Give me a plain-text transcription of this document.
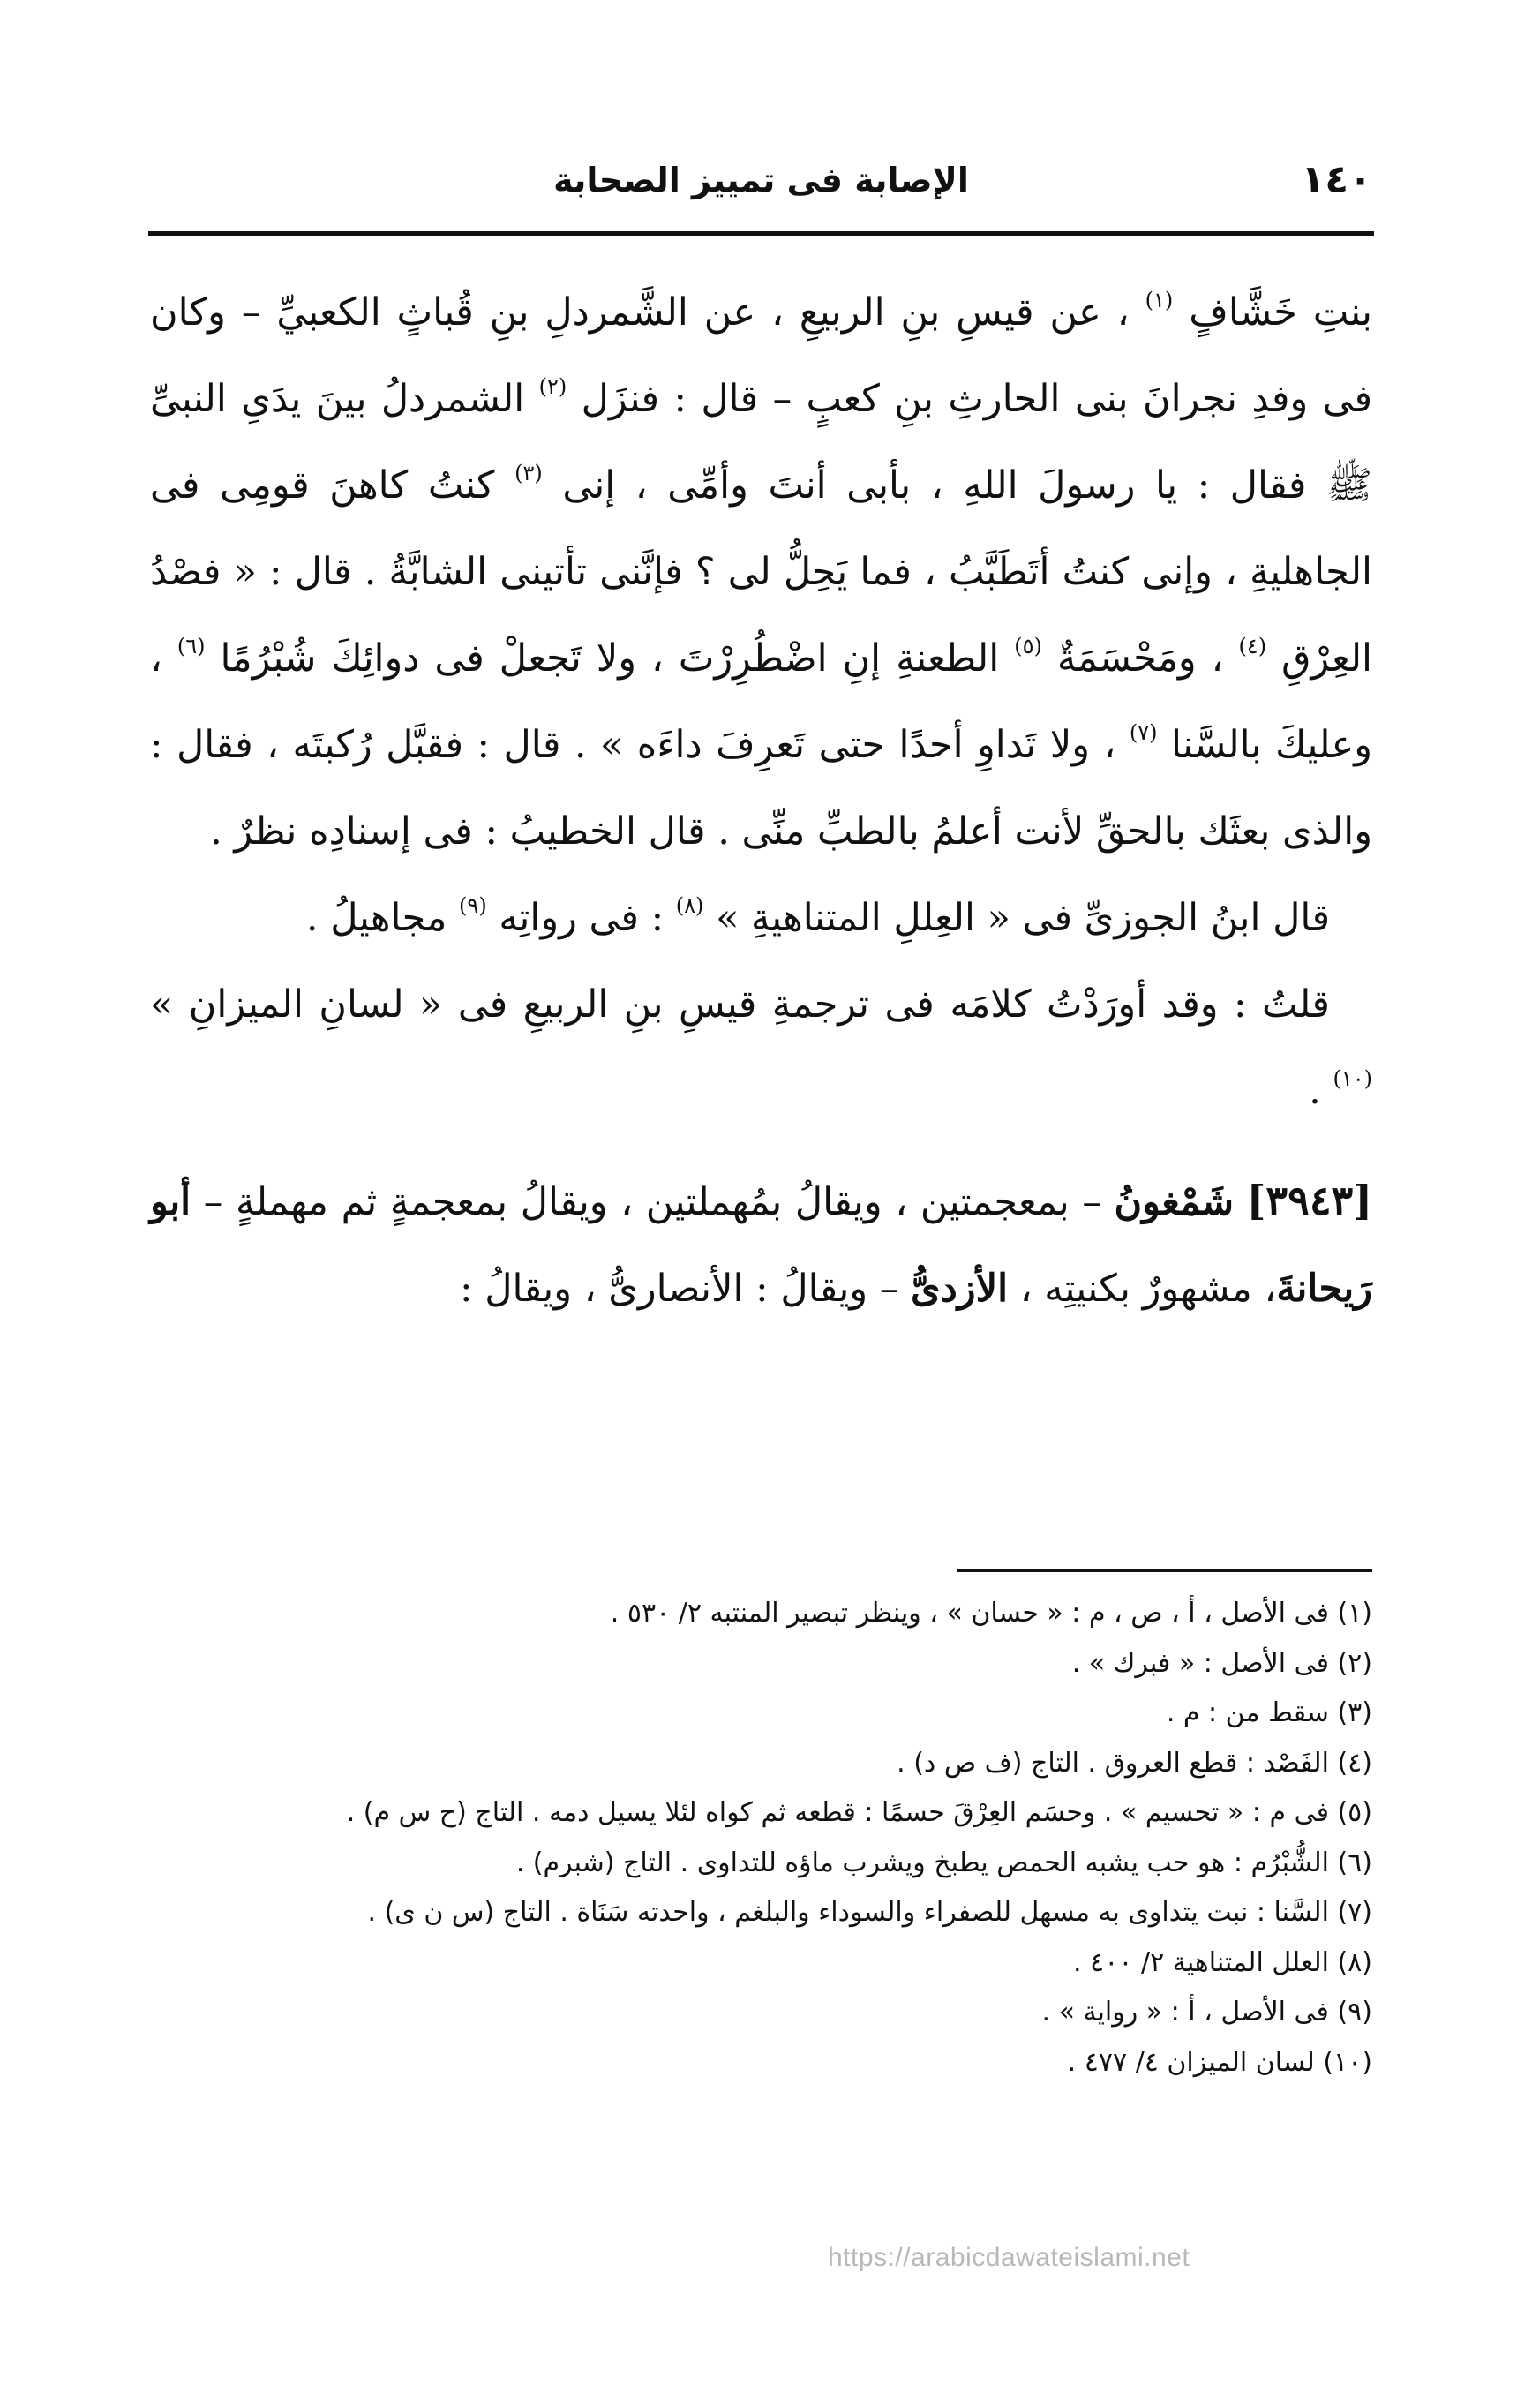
١٤٠
الإصابة فى تمييز الصحابة

بنتِ خَشَّافٍ $^{(١)}$ ، عن قيسِ بنِ الربيعِ ، عن الشَّمردلِ بنِ قُباثٍ الكعبيِّ – وكان فى وفدِ نجرانَ بنى الحارثِ بنِ كعبٍ – قال : فنزَل $^{(٢)}$ الشمردلُ بينَ يدَىِ النبىِّ ﷺ فقال : يا رسولَ اللهِ ، بأبى أنتَ وأمِّى ، إنى $^{(٣)}$ كنتُ كاهنَ قومِى فى الجاهليةِ ، وإنى كنتُ أتَطَبَّبُ ، فما يَحِلُّ لى ؟ فإنَّنى تأتينى الشابَّةُ . قال : « فصْدُ العِرْقِ $^{(٤)}$ ، ومَحْسَمَةٌ $^{(٥)}$ الطعنةِ إنِ اضْطُرِرْتَ ، ولا تَجعلْ فى دوائِكَ شُبْرُمًا $^{(٦)}$ ، وعليكَ بالسَّنا $^{(٧)}$ ، ولا تَداوِ أحدًا حتى تَعرِفَ داءَه » . قال : فقبَّل رُكبتَه ، فقال : والذى بعثَك بالحقِّ لأنت أعلمُ بالطبِّ منِّى . قال الخطيبُ : فى إسنادِه نظرٌ .

قال ابنُ الجوزىِّ فى « العِللِ المتناهيةِ » $^{(٨)}$ : فى رواتِه $^{(٩)}$ مجاهيلُ .

قلتُ : وقد أورَدْتُ كلامَه فى ترجمةِ قيسِ بنِ الربيعِ فى « لسانِ الميزانِ » $^{(١٠)}$ .

[٣٩٤٣] شَمْغونُ – بمعجمتين ، ويقالُ بمُهملتين ، ويقالُ بمعجمةٍ ثم مهملةٍ – أبو رَيحانةَ، مشهورٌ بكنيتِه ، الأزدىُّ – ويقالُ : الأنصارىُّ ، ويقالُ :

(١) فى الأصل ، أ ، ص ، م : « حسان » ، وينظر تبصير المنتبه ٢/ ٥٣٠ .
(٢) فى الأصل : « فبرك » .
(٣) سقط من : م .
(٤) الفَصْد : قطع العروق . التاج (ف ص د) .
(٥) فى م : « تحسيم » . وحسَم العِرْقَ حسمًا : قطعه ثم كواه لئلا يسيل دمه . التاج (ح س م) .
(٦) الشُّبْرُم : هو حب يشبه الحمص يطبخ ويشرب ماؤه للتداوى . التاج (شبرم) .
(٧) السَّنا : نبت يتداوى به مسهل للصفراء والسوداء والبلغم ، واحدته سَنَاة . التاج (س ن ى) .
(٨) العلل المتناهية ٢/ ٤٠٠ .
(٩) فى الأصل ، أ : « رواية » .
(١٠) لسان الميزان ٤/ ٤٧٧ .
https://arabicdawateislami.net
